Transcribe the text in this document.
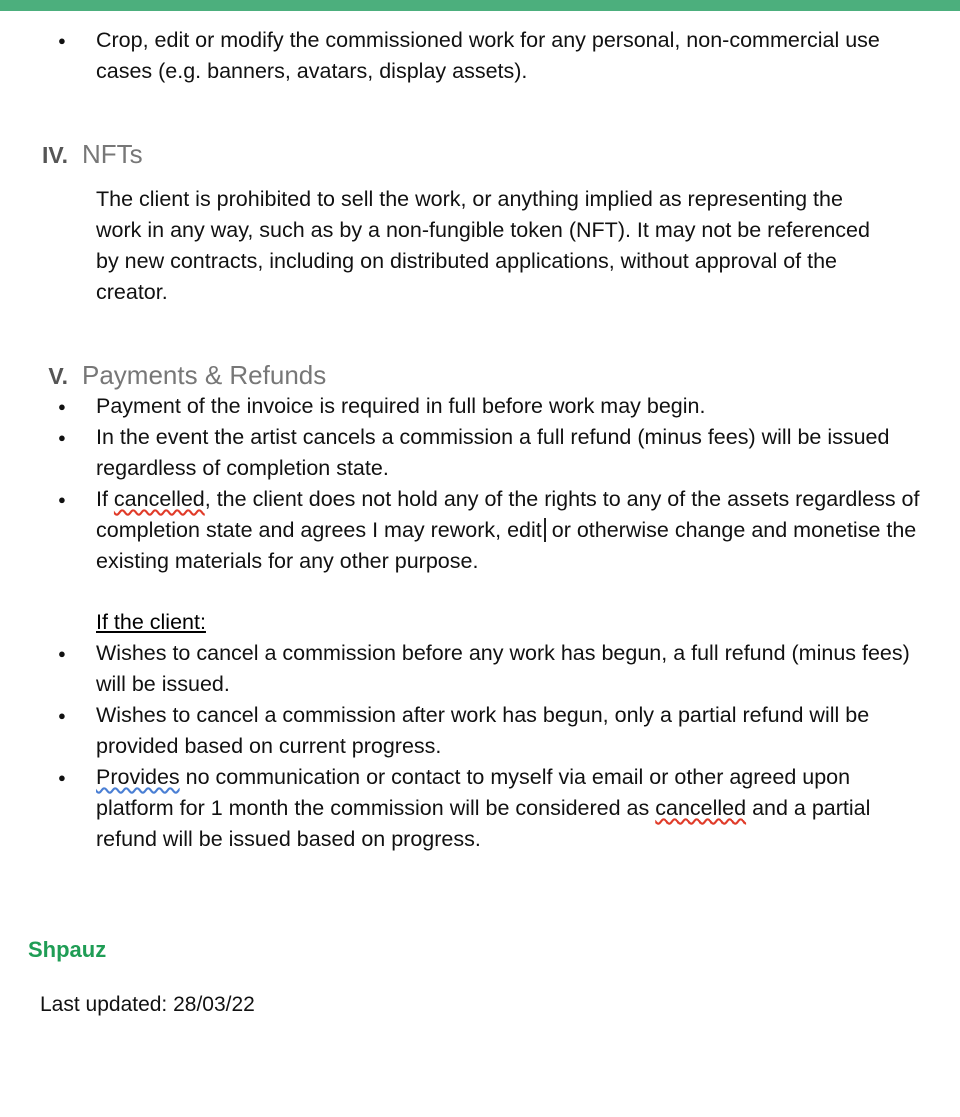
● Crop, edit or modify the commissioned work for any personal, non-commercial use cases (e.g. banners, avatars, display assets).
IV. NFTs
The client is prohibited to sell the work, or anything implied as representing the work in any way, such as by a non-fungible token (NFT). It may not be referenced by new contracts, including on distributed applications, without approval of the creator.
V. Payments & Refunds
● Payment of the invoice is required in full before work may begin.
● In the event the artist cancels a commission a full refund (minus fees) will be issued regardless of completion state.
● If cancelled, the client does not hold any of the rights to any of the assets regardless of completion state and agrees I may rework, edit or otherwise change and monetise the existing materials for any other purpose.
If the client:
● Wishes to cancel a commission before any work has begun, a full refund (minus fees) will be issued.
● Wishes to cancel a commission after work has begun, only a partial refund will be provided based on current progress.
● Provides no communication or contact to myself via email or other agreed upon platform for 1 month the commission will be considered as cancelled and a partial refund will be issued based on progress.
Shpauz
Last updated: 28/03/22
